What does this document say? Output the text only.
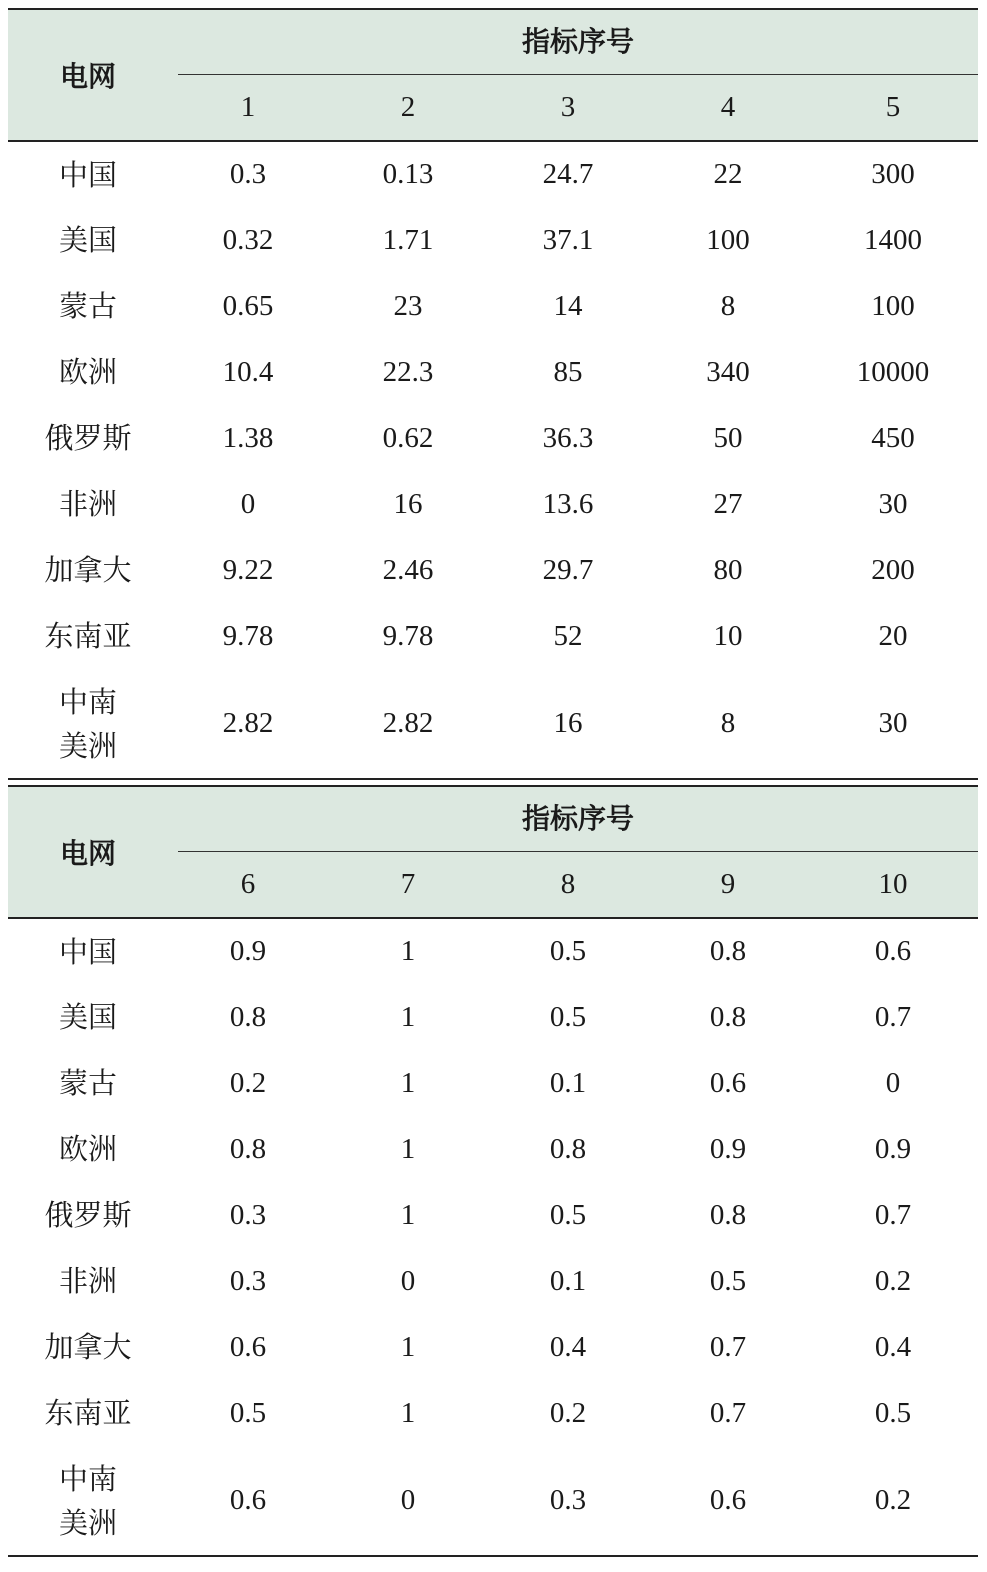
电网	指标序号				

	1	2	3	4	5

中国	0.3	0.13	24.7	22	300

美国	0.32	1.71	37.1	100	1400

蒙古	0.65	23	14	8	100

欧洲	10.4	22.3	85	340	10000

俄罗斯	1.38	0.62	36.3	50	450

非洲	0	16	13.6	27	30

加拿大	9.22	2.46	29.7	80	200

东南亚	9.78	9.78	52	10	20

中南
美洲	2.82	2.82	16	8	30
电网	指标序号				

	6	7	8	9	10

中国	0.9	1	0.5	0.8	0.6

美国	0.8	1	0.5	0.8	0.7

蒙古	0.2	1	0.1	0.6	0

欧洲	0.8	1	0.8	0.9	0.9

俄罗斯	0.3	1	0.5	0.8	0.7

非洲	0.3	0	0.1	0.5	0.2

加拿大	0.6	1	0.4	0.7	0.4

东南亚	0.5	1	0.2	0.7	0.5

中南
美洲	0.6	0	0.3	0.6	0.2
